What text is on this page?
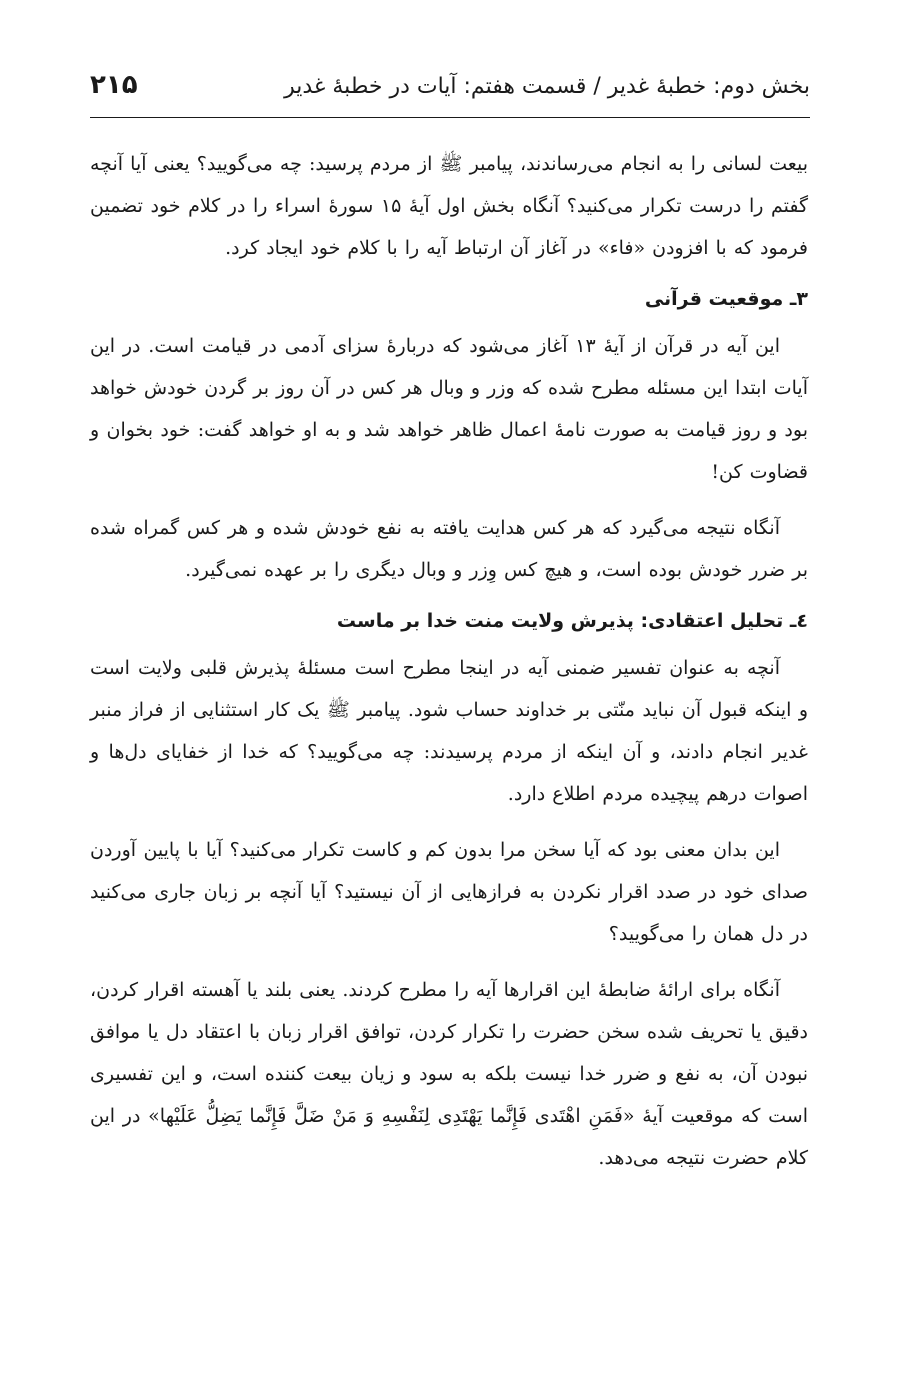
بخش دوم: خطبهٔ غدیر / قسمت هفتم: آیات در خطبهٔ غدیر
۲۱۵

بیعت لسانی را به انجام می‌رساندند، پیامبر ﷺ از مردم پرسید: چه می‌گویید؟ یعنی آیا آنچه گفتم را درست تکرار می‌کنید؟ آنگاه بخش اول آیهٔ ۱۵ سورهٔ اسراء را در کلام خود تضمین فرمود که با افزودن «فاء» در آغاز آن ارتباط آیه را با کلام خود ایجاد کرد.

۳ـ موقعیت قرآنی

این آیه در قرآن از آیهٔ ۱۳ آغاز می‌شود که دربارهٔ سزای آدمی در قیامت است. در این آیات ابتدا این مسئله مطرح شده که وزر و وبال هر کس در آن روز بر گردن خودش خواهد بود و روز قیامت به صورت نامهٔ اعمال ظاهر خواهد شد و به او خواهد گفت: خود بخوان و قضاوت کن!

آنگاه نتیجه می‌گیرد که هر کس هدایت یافته به نفع خودش شده و هر کس گمراه شده بر ضرر خودش بوده است، و هیچ کس وِزر و وبال دیگری را بر عهده نمی‌گیرد.

٤ـ تحلیل اعتقادی: پذیرش ولایت منت خدا بر ماست

آنچه به عنوان تفسیر ضمنی آیه در اینجا مطرح است مسئلهٔ پذیرش قلبی ولایت است و اینکه قبول آن نباید منّتی بر خداوند حساب شود. پیامبر ﷺ یک کار استثنایی از فراز منبر غدیر انجام دادند، و آن اینکه از مردم پرسیدند: چه می‌گویید؟ که خدا از خفایای دل‌ها و اصوات درهم پیچیده مردم اطلاع دارد.

این بدان معنی بود که آیا سخن مرا بدون کم و کاست تکرار می‌کنید؟ آیا با پایین آوردن صدای خود در صدد اقرار نکردن به فرازهایی از آن نیستید؟ آیا آنچه بر زبان جاری می‌کنید در دل همان را می‌گویید؟

آنگاه برای ارائهٔ ضابطهٔ این اقرارها آیه را مطرح کردند. یعنی بلند یا آهسته اقرار کردن، دقیق یا تحریف شده سخن حضرت را تکرار کردن، توافق اقرار زبان با اعتقاد دل یا موافق نبودن آن، به نفع و ضرر خدا نیست بلکه به سود و زیان بیعت کننده است، و این تفسیری است که موقعیت آیهٔ «فَمَنِ اهْتَدی فَإِنَّما یَهْتَدِی لِنَفْسِهِ وَ مَنْ ضَلَّ فَإِنَّما یَضِلُّ عَلَیْها» در این کلام حضرت نتیجه می‌دهد.
